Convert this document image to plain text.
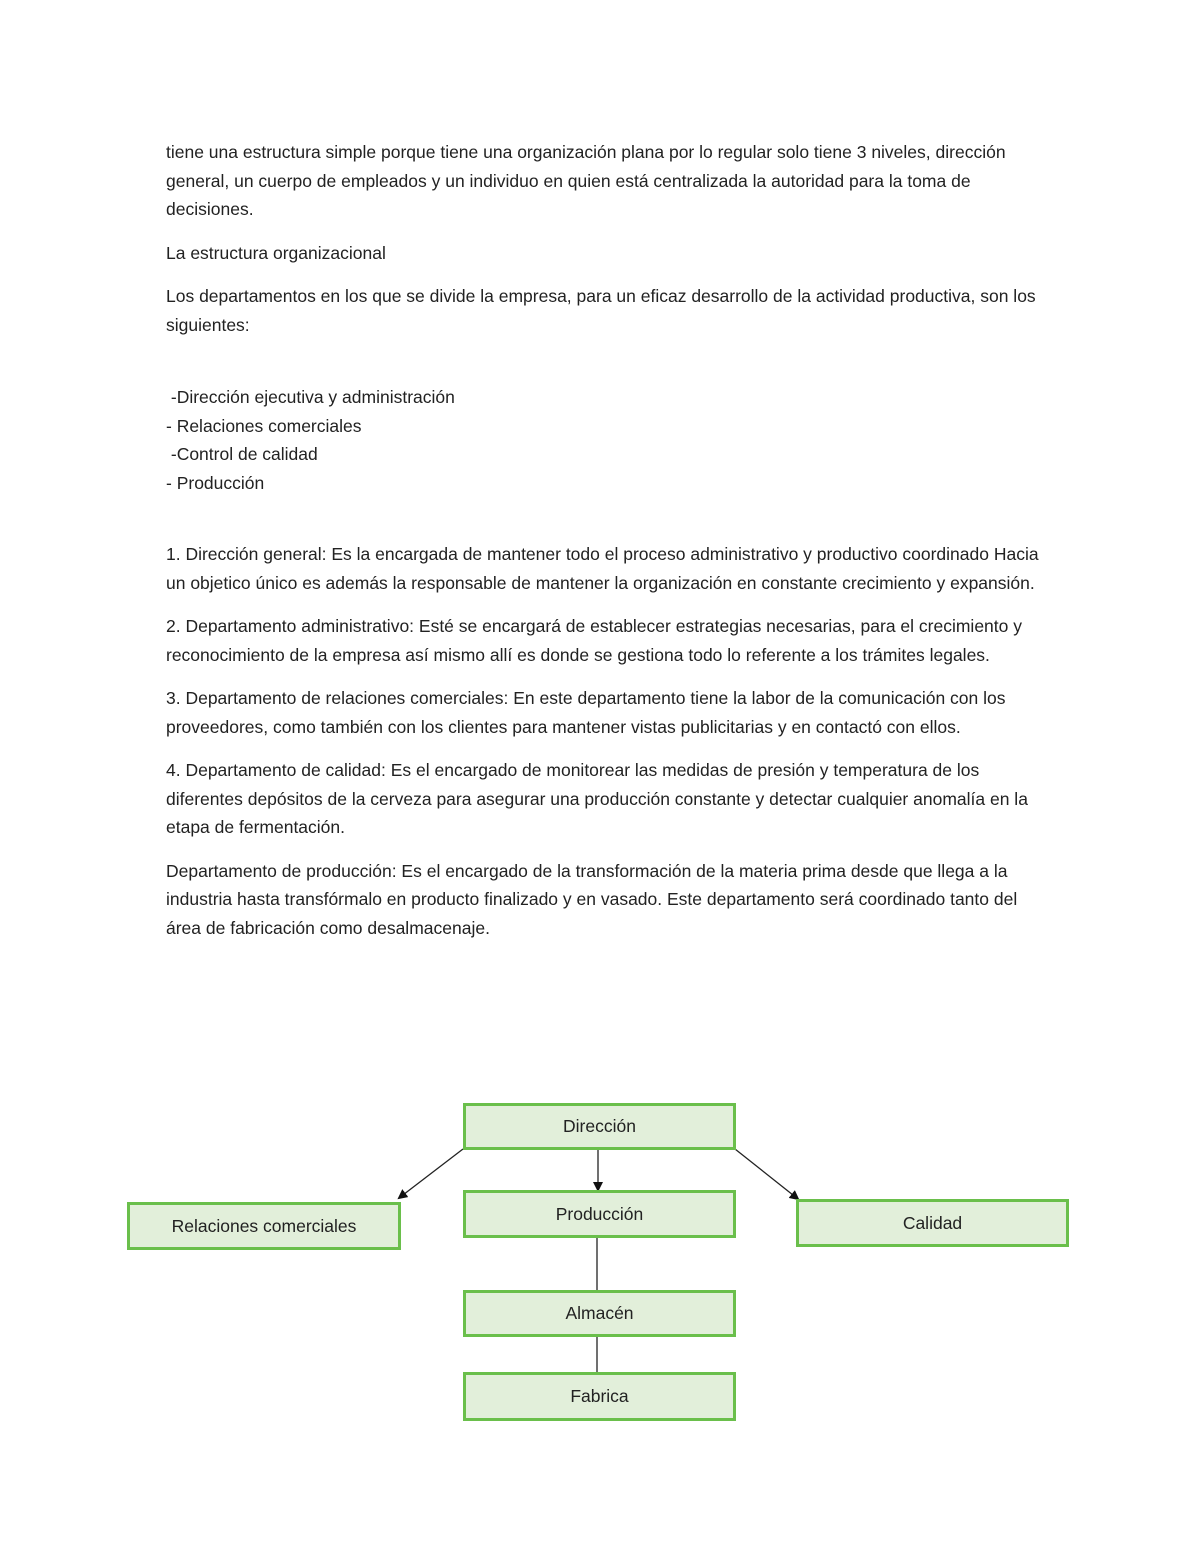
tiene una estructura simple porque tiene una organización plana por lo regular solo tiene 3 niveles, dirección general, un cuerpo de empleados y un individuo en quien está centralizada la autoridad para la toma de decisiones.

La estructura organizacional

Los departamentos en los que se divide la empresa, para un eficaz desarrollo de la actividad productiva, son los siguientes:

-Dirección ejecutiva y administración
- Relaciones comerciales
-Control de calidad
- Producción

1. Dirección general: Es la encargada de mantener todo el proceso administrativo y productivo coordinado Hacia un objetico único es además la responsable de mantener la organización en constante crecimiento y expansión.

2. Departamento administrativo: Esté se encargará de establecer estrategias necesarias, para el crecimiento y reconocimiento de la empresa así mismo allí es donde se gestiona todo lo referente a los trámites legales.

3. Departamento de relaciones comerciales: En este departamento tiene la labor de la comunicación con los proveedores, como también con los clientes para mantener vistas publicitarias y en contactó con ellos.

4. Departamento de calidad: Es el encargado de monitorear las medidas de presión y temperatura de los diferentes depósitos de la cerveza para asegurar una producción constante y detectar cualquier anomalía en la etapa de fermentación.

Departamento de producción: Es el encargado de la transformación de la materia prima desde que llega a la industria hasta transfórmalo en producto finalizado y en vasado. Este departamento será coordinado tanto del área de fabricación como desalmacenaje.

Dirección
Relaciones comerciales
Producción	Calidad
Almacén
Fabrica
